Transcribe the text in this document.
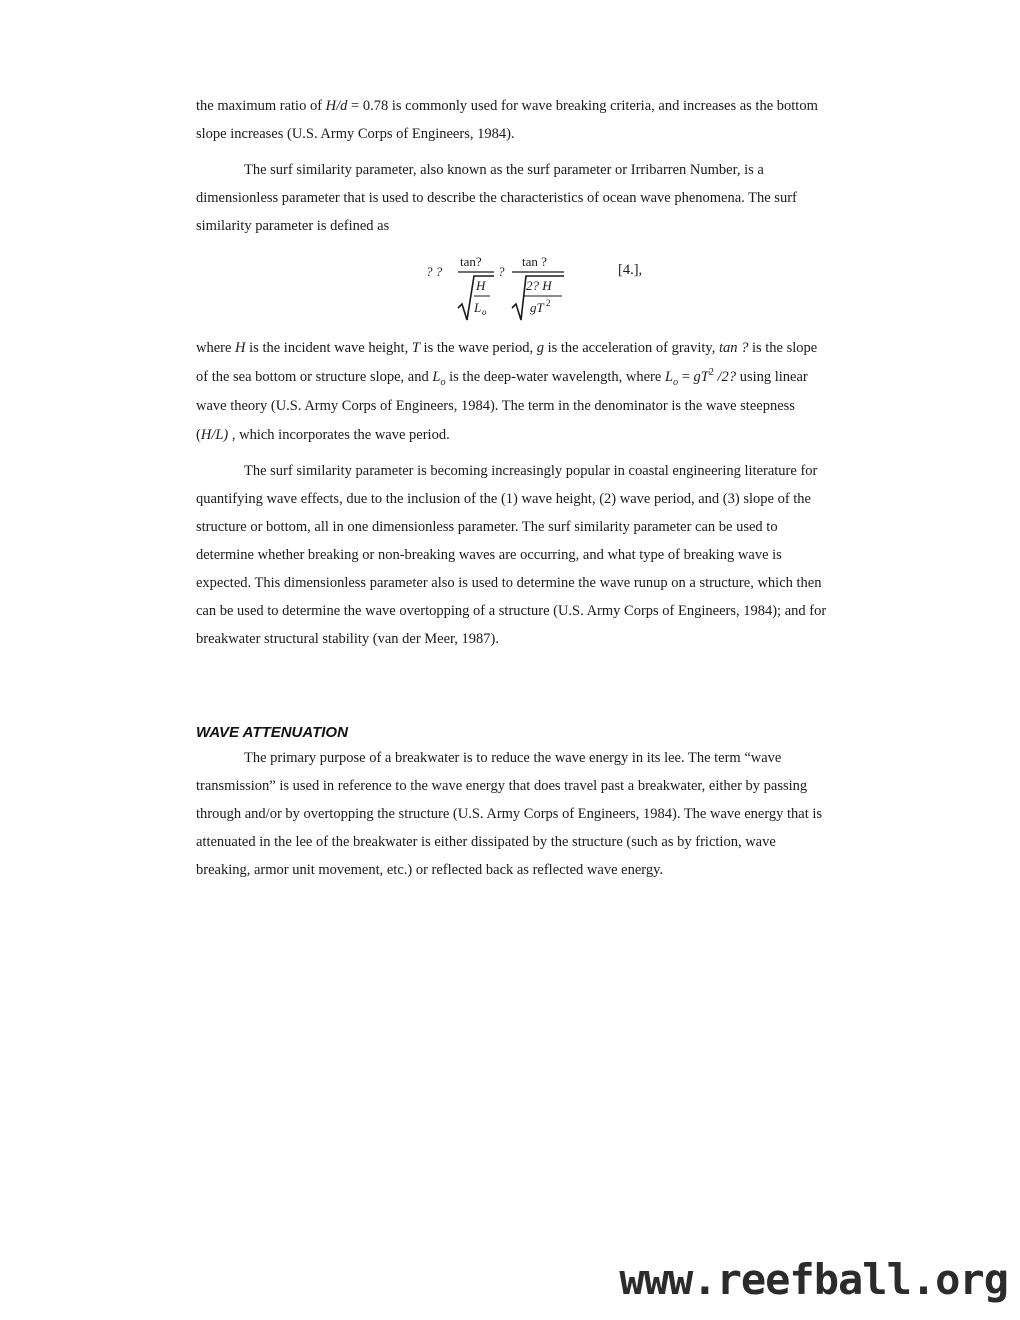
the maximum ratio of H/d = 0.78 is commonly used for wave breaking criteria, and increases as the bottom slope increases (U.S. Army Corps of Engineers, 1984).

The surf similarity parameter, also known as the surf parameter or Irribarren Number, is a dimensionless parameter that is used to describe the characteristics of ocean wave phenomena. The surf similarity parameter is defined as

? ?
tan?
H
L o
?
tan ?
2? H
gT 2
[4.],

where H is the incident wave height, T is the wave period, g is the acceleration of gravity, tan ? is the slope of the sea bottom or structure slope, and $L_o$ is the deep-water wavelength, where $L_o = gT^2$ /2? using linear wave theory (U.S. Army Corps of Engineers, 1984). The term in the denominator is the wave steepness (H/L) , which incorporates the wave period.

The surf similarity parameter is becoming increasingly popular in coastal engineering literature for quantifying wave effects, due to the inclusion of the (1) wave height, (2) wave period, and (3) slope of the structure or bottom, all in one dimensionless parameter. The surf similarity parameter can be used to determine whether breaking or non-breaking waves are occurring, and what type of breaking wave is expected. This dimensionless parameter also is used to determine the wave runup on a structure, which then can be used to determine the wave overtopping of a structure (U.S. Army Corps of Engineers, 1984); and for breakwater structural stability (van der Meer, 1987).

WAVE ATTENUATION

The primary purpose of a breakwater is to reduce the wave energy in its lee. The term “wave transmission” is used in reference to the wave energy that does travel past a breakwater, either by passing through and/or by overtopping the structure (U.S. Army Corps of Engineers, 1984). The wave energy that is attenuated in the lee of the breakwater is either dissipated by the structure (such as by friction, wave breaking, armor unit movement, etc.) or reflected back as reflected wave energy.

www.reefball.org
